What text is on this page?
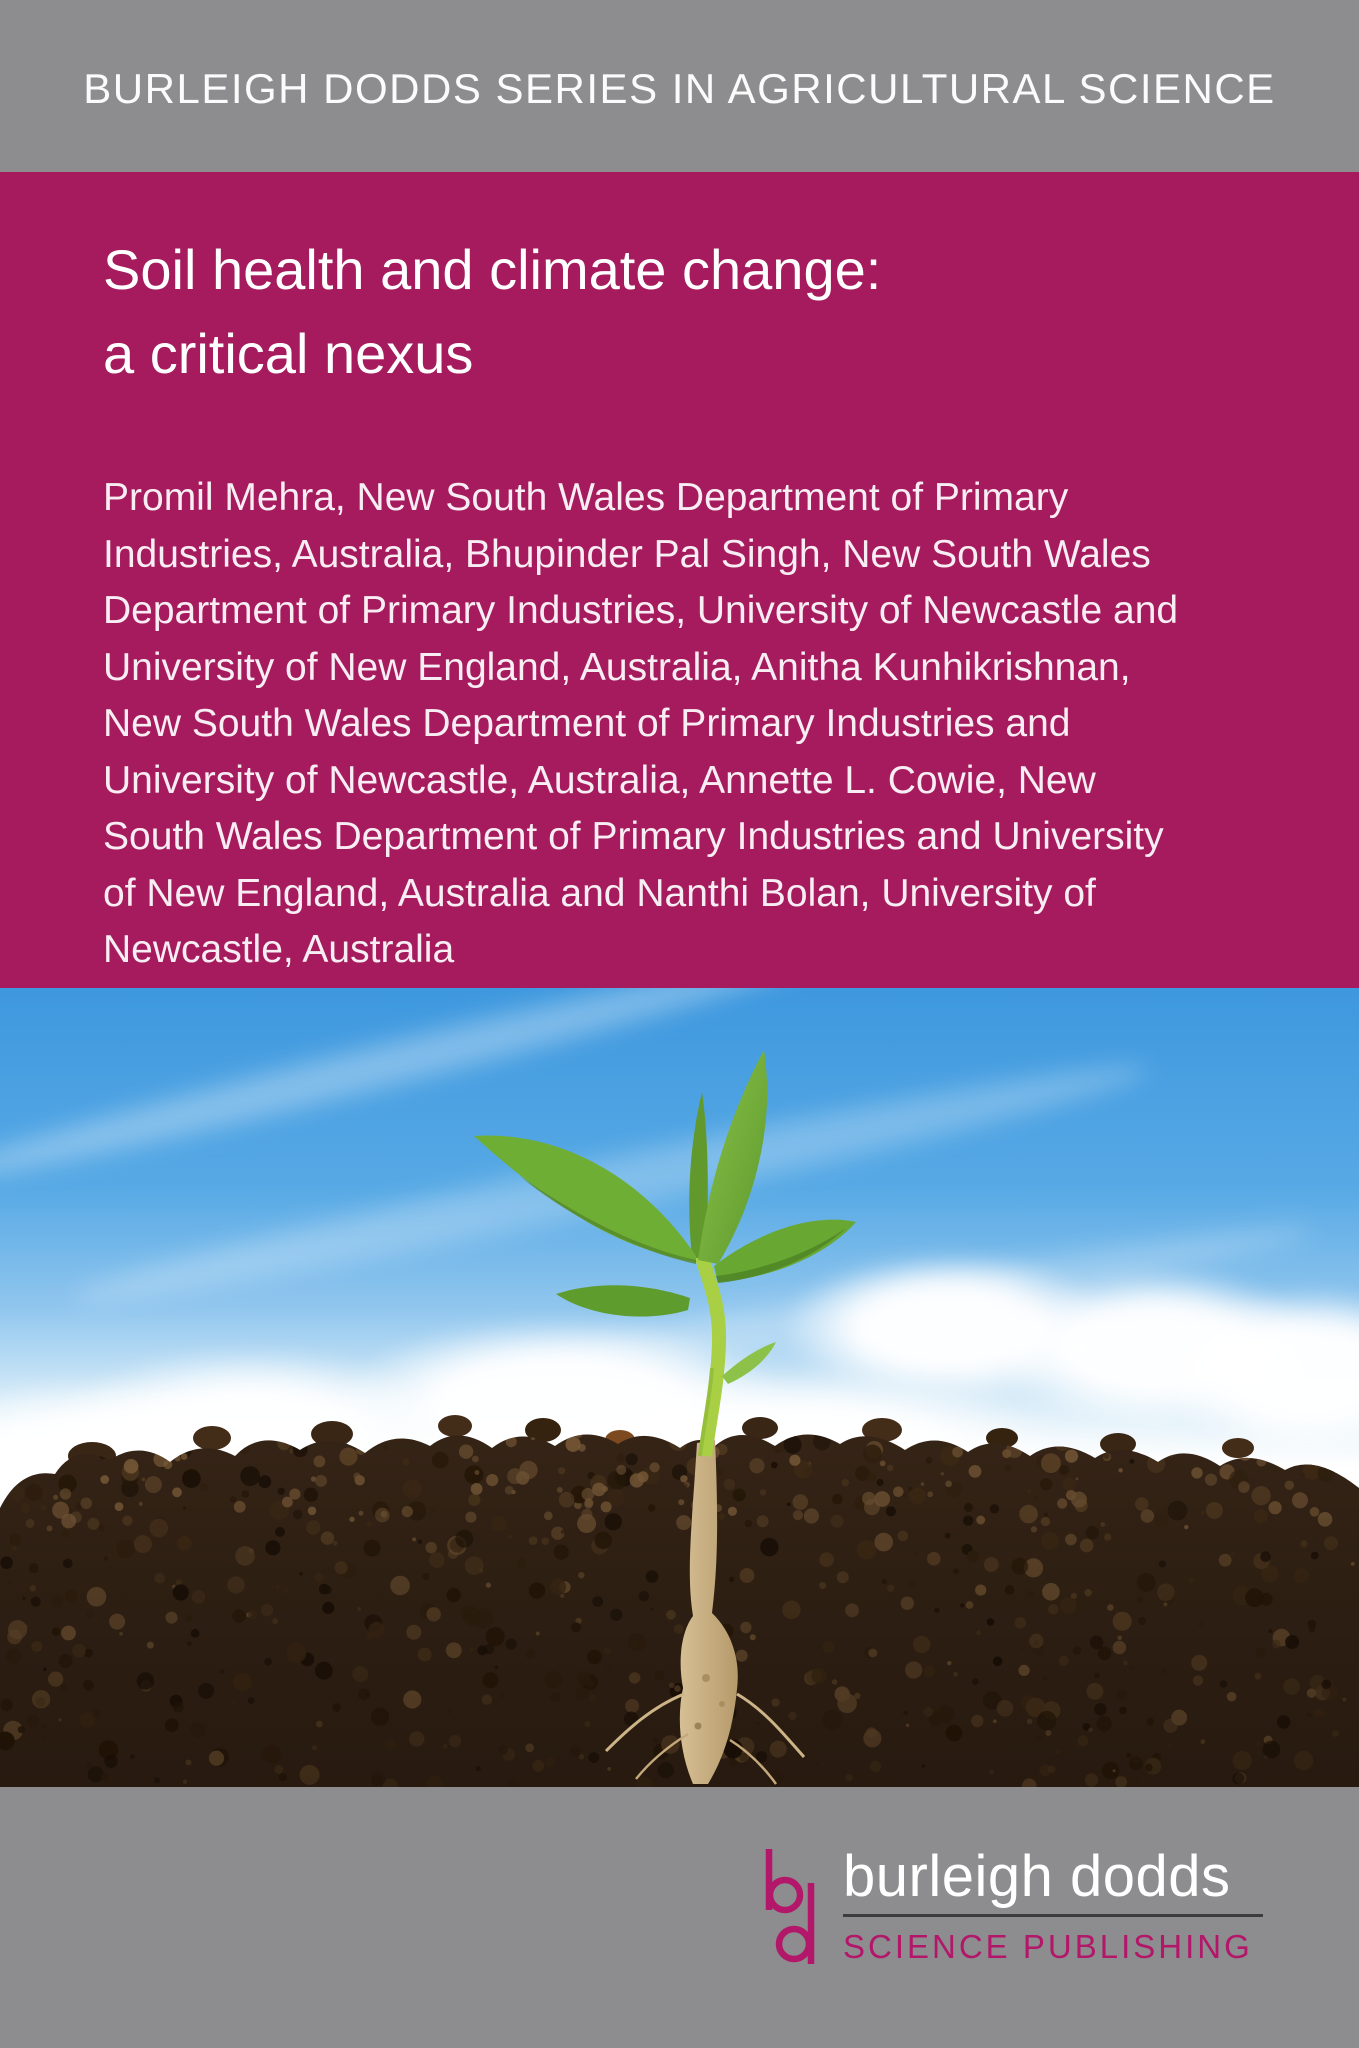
BURLEIGH DODDS SERIES IN AGRICULTURAL SCIENCE
Soil health and climate change:
a critical nexus
Promil Mehra, New South Wales Department of Primary
Industries, Australia, Bhupinder Pal Singh, New South Wales
Department of Primary Industries, University of Newcastle and
University of New England, Australia, Anitha Kunhikrishnan,
New South Wales Department of Primary Industries and
University of Newcastle, Australia, Annette L. Cowie, New
South Wales Department of Primary Industries and University
of New England, Australia and Nanthi Bolan, University of
Newcastle, Australia
burleigh dodds
SCIENCE PUBLISHING
